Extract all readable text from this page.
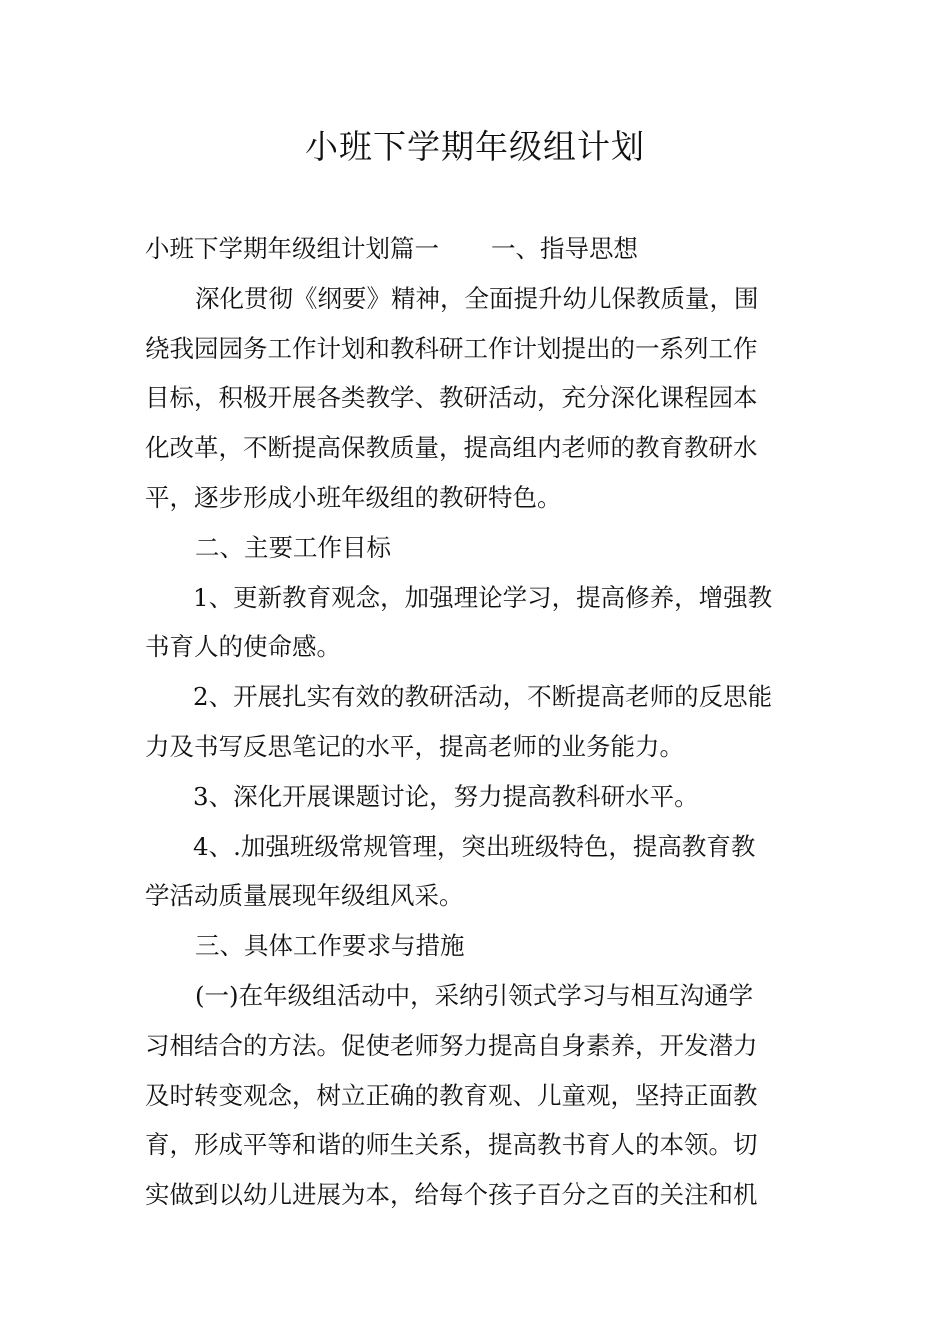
小班下学期年级组计划
小班下学期年级组计划篇一 一、指导思想
深化贯彻《纲要》精神，全面提升幼儿保教质量，围
绕我园园务工作计划和教科研工作计划提出的一系列工作
目标，积极开展各类教学、教研活动，充分深化课程园本
化改革，不断提高保教质量，提高组内老师的教育教研水
平，逐步形成小班年级组的教研特色。
二、主要工作目标
1、更新教育观念，加强理论学习，提高修养，增强教
书育人的使命感。
2、开展扎实有效的教研活动，不断提高老师的反思能
力及书写反思笔记的水平，提高老师的业务能力。
3、深化开展课题讨论，努力提高教科研水平。
4、.加强班级常规管理，突出班级特色，提高教育教
学活动质量展现年级组风采。
三、具体工作要求与措施
(一)在年级组活动中，采纳引领式学习与相互沟通学
习相结合的方法。促使老师努力提高自身素养，开发潜力
及时转变观念，树立正确的教育观、儿童观，坚持正面教
育，形成平等和谐的师生关系，提高教书育人的本领。切
实做到以幼儿进展为本，给每个孩子百分之百的关注和机
